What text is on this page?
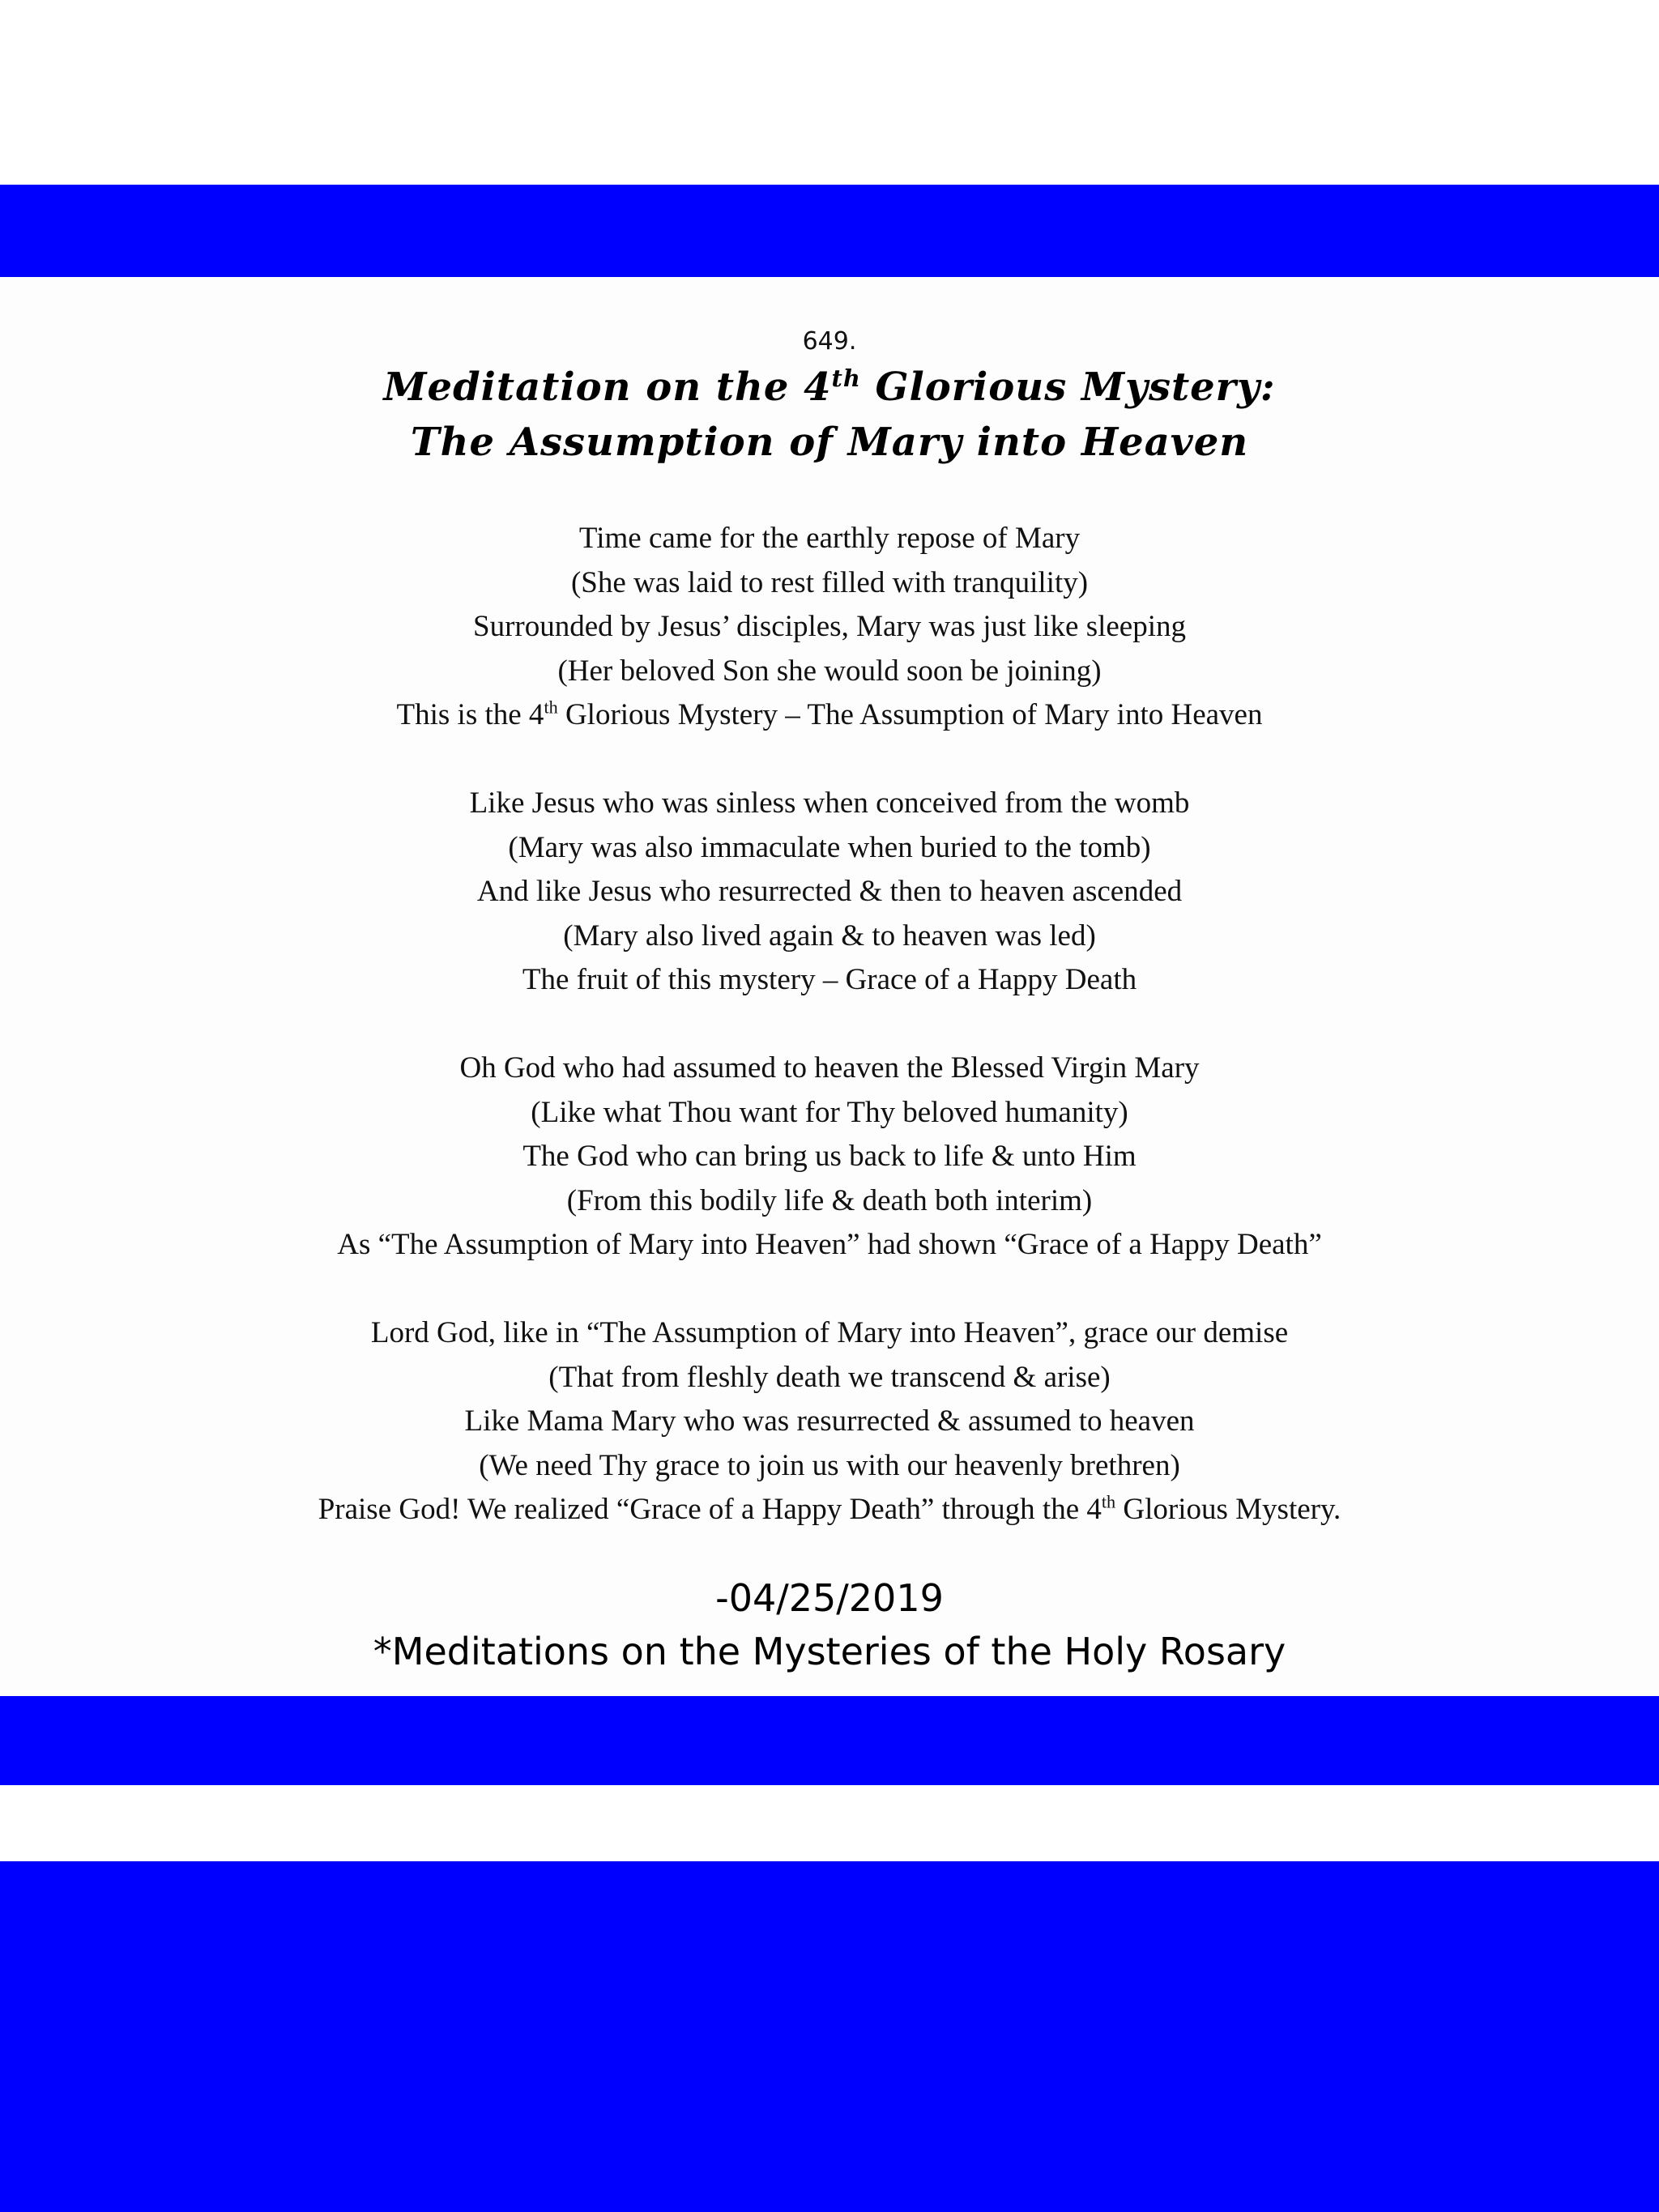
649.
Meditation on the 4th Glorious Mystery:
The Assumption of Mary into Heaven
Time came for the earthly repose of Mary
(She was laid to rest filled with tranquility)
Surrounded by Jesus’ disciples, Mary was just like sleeping
(Her beloved Son she would soon be joining)
This is the 4th Glorious Mystery – The Assumption of Mary into Heaven
Like Jesus who was sinless when conceived from the womb
(Mary was also immaculate when buried to the tomb)
And like Jesus who resurrected & then to heaven ascended
(Mary also lived again & to heaven was led)
The fruit of this mystery – Grace of a Happy Death
Oh God who had assumed to heaven the Blessed Virgin Mary
(Like what Thou want for Thy beloved humanity)
The God who can bring us back to life & unto Him
(From this bodily life & death both interim)
As “The Assumption of Mary into Heaven” had shown “Grace of a Happy Death”
Lord God, like in “The Assumption of Mary into Heaven”, grace our demise
(That from fleshly death we transcend & arise)
Like Mama Mary who was resurrected & assumed to heaven
(We need Thy grace to join us with our heavenly brethren)
Praise God! We realized “Grace of a Happy Death” through the 4th Glorious Mystery.
-04/25/2019
*Meditations on the Mysteries of the Holy Rosary
